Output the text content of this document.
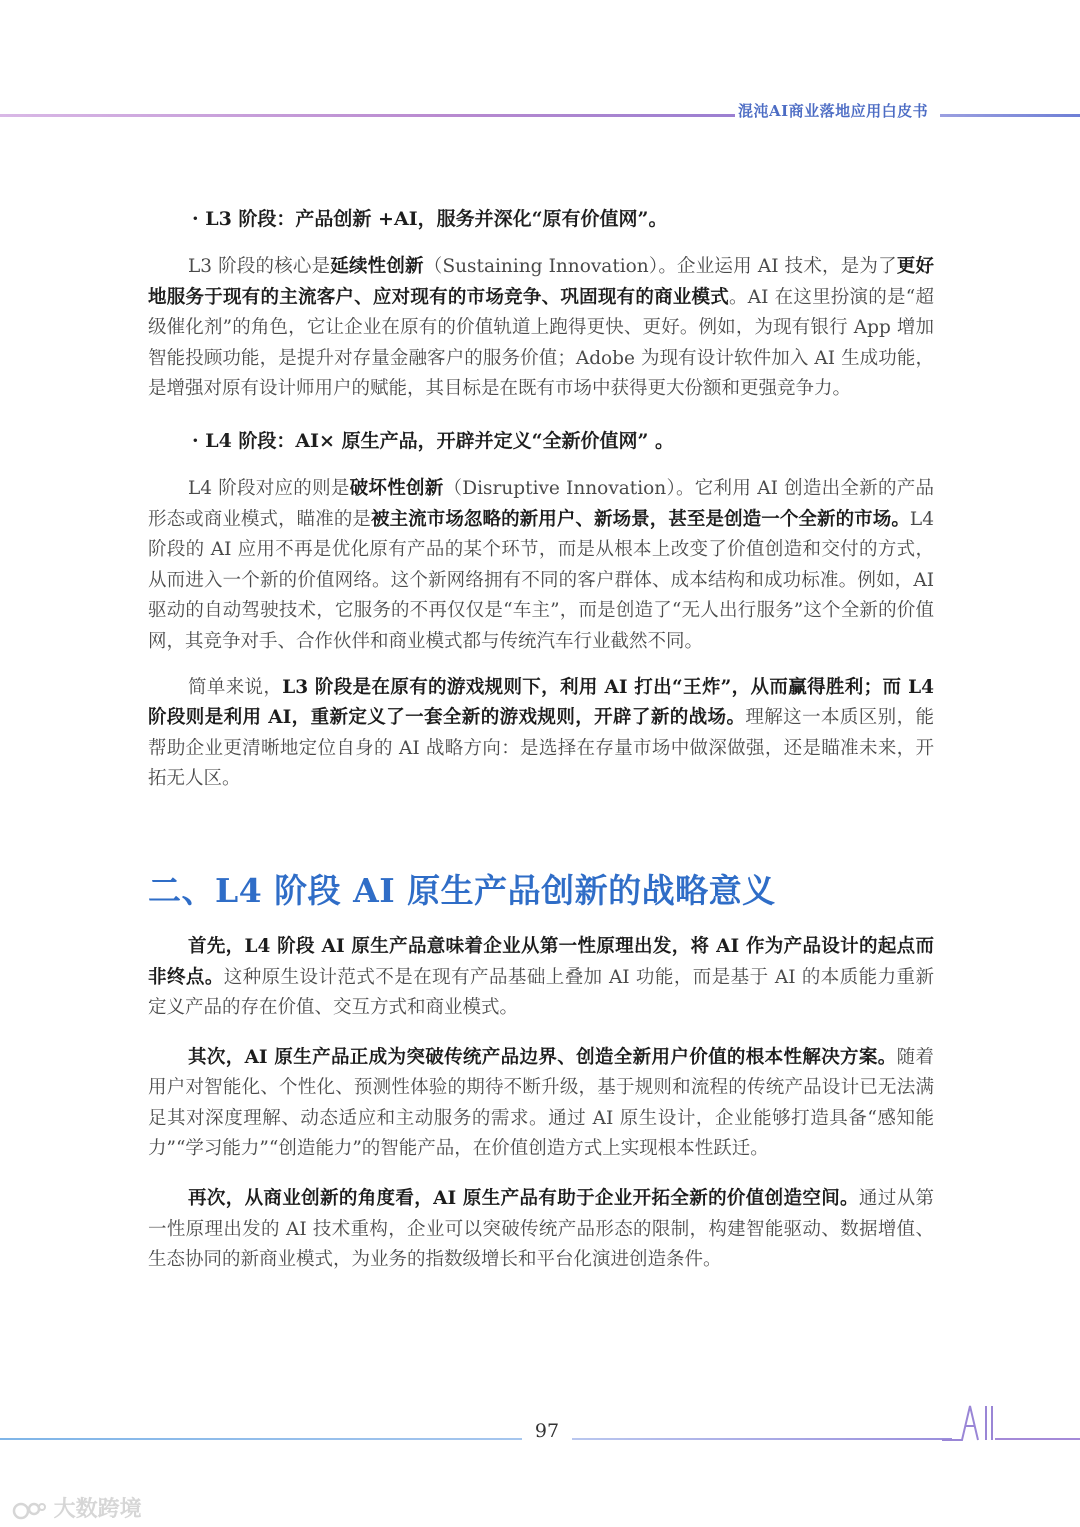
混沌AI商业落地应用白皮书
· L3 阶段：产品创新 +AI，服务并深化“原有价值网”。

L3 阶段的核心是延续性创新（Sustaining Innovation）。企业运用 AI 技术，是为了更好地服务于现有的主流客户、应对现有的市场竞争、巩固现有的商业模式。AI 在这里扮演的是“超级催化剂”的角色，它让企业在原有的价值轨道上跑得更快、更好。例如，为现有银行 App 增加智能投顾功能，是提升对存量金融客户的服务价值；Adobe 为现有设计软件加入 AI 生成功能，是增强对原有设计师用户的赋能，其目标是在既有市场中获得更大份额和更强竞争力。

· L4 阶段：AI× 原生产品，开辟并定义“全新价值网” 。

L4 阶段对应的则是破坏性创新（Disruptive Innovation）。它利用 AI 创造出全新的产品形态或商业模式，瞄准的是被主流市场忽略的新用户、新场景，甚至是创造一个全新的市场。L4 阶段的 AI 应用不再是优化原有产品的某个环节，而是从根本上改变了价值创造和交付的方式，从而进入一个新的价值网络。这个新网络拥有不同的客户群体、成本结构和成功标准。例如，AI 驱动的自动驾驶技术，它服务的不再仅仅是“车主”，而是创造了“无人出行服务”这个全新的价值网，其竞争对手、合作伙伴和商业模式都与传统汽车行业截然不同。

简单来说，L3 阶段是在原有的游戏规则下，利用 AI 打出“王炸”，从而赢得胜利；而 L4 阶段则是利用 AI，重新定义了一套全新的游戏规则，开辟了新的战场。理解这一本质区别，能帮助企业更清晰地定位自身的 AI 战略方向：是选择在存量市场中做深做强，还是瞄准未来，开拓无人区。

二、L4 阶段 AI 原生产品创新的战略意义

首先，L4 阶段 AI 原生产品意味着企业从第一性原理出发，将 AI 作为产品设计的起点而非终点。这种原生设计范式不是在现有产品基础上叠加 AI 功能，而是基于 AI 的本质能力重新定义产品的存在价值、交互方式和商业模式。

其次，AI 原生产品正成为突破传统产品边界、创造全新用户价值的根本性解决方案。随着用户对智能化、个性化、预测性体验的期待不断升级，基于规则和流程的传统产品设计已无法满足其对深度理解、动态适应和主动服务的需求。通过 AI 原生设计，企业能够打造具备“感知能力”“学习能力”“创造能力”的智能产品，在价值创造方式上实现根本性跃迁。

再次，从商业创新的角度看，AI 原生产品有助于企业开拓全新的价值创造空间。通过从第一性原理出发的 AI 技术重构，企业可以突破传统产品形态的限制，构建智能驱动、数据增值、生态协同的新商业模式，为业务的指数级增长和平台化演进创造条件。

97
大数跨境
